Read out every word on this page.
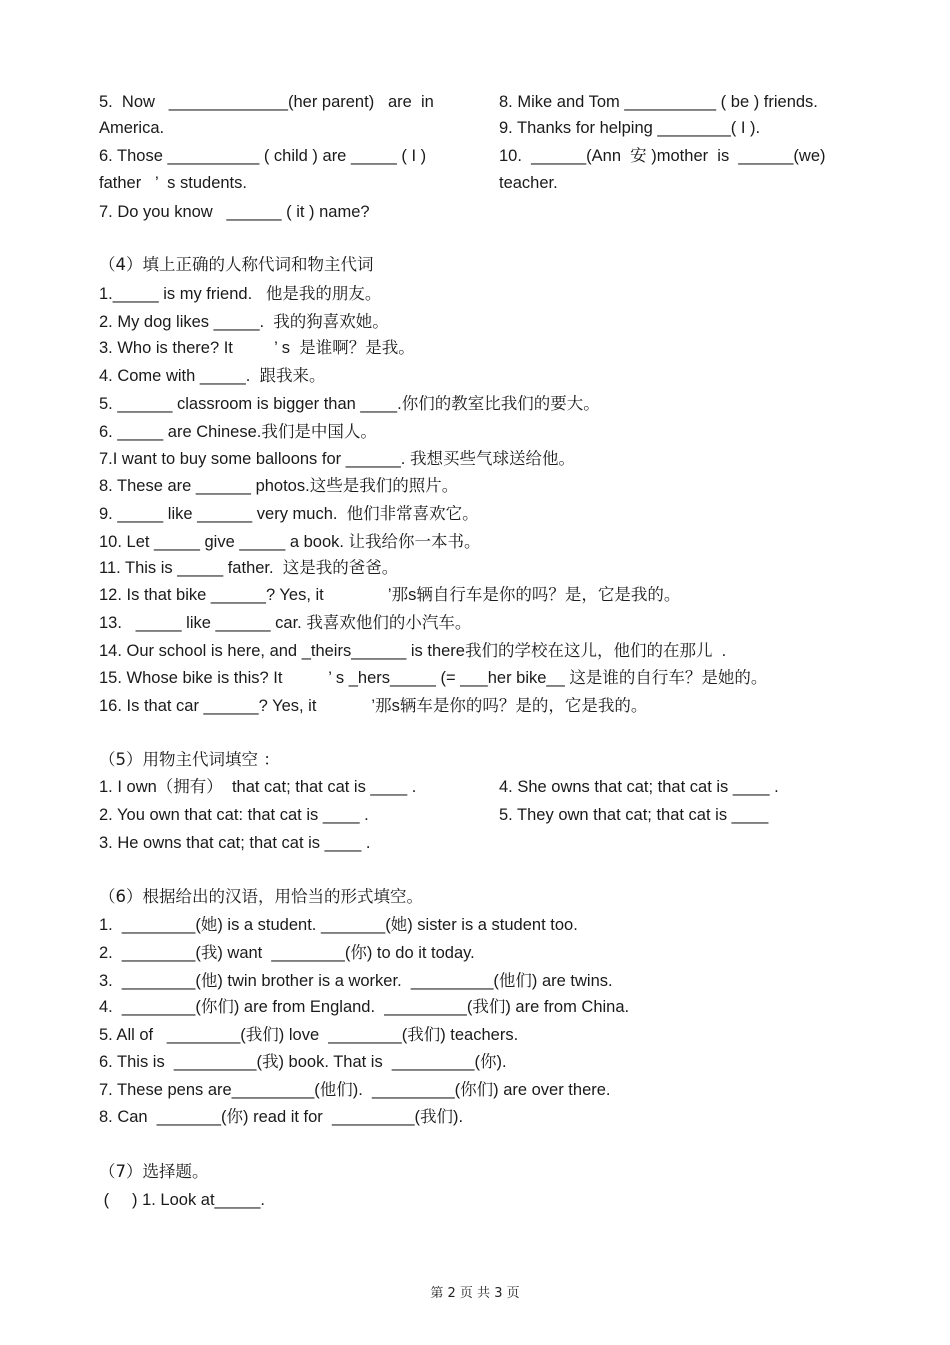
5.  Now   _____________(her parent)   are  in
America.
6. Those __________ ( child ) are _____ ( I )
father   ’  s students.
7. Do you know   ______ ( it ) name?
8. Mike and Tom __________ ( be ) friends.
9. Thanks for helping ________( I ).
10.  ______(Ann  安 )mother  is  ______(we)
teacher.
（4）填上正确的人称代词和物主代词
1._____ is my friend.   他是我的朋友。
2. My dog likes _____.  我的狗喜欢她。
3. Who is there? It         ’ s  是谁啊？是我。
4. Come with _____.  跟我来。
5. ______ classroom is bigger than ____.你们的教室比我们的要大。
6. _____ are Chinese.我们是中国人。
7.I want to buy some balloons for ______. 我想买些气球送给他。
8. These are ______ photos.这些是我们的照片。
9. _____ like ______ very much.  他们非常喜欢它。
10. Let _____ give _____ a book. 让我给你一本书。
11. This is _____ father.  这是我的爸爸。
12. Is that bike ______? Yes, it              ’那s辆自行车是你的吗？是，它是我的。
13.   _____ like ______ car. 我喜欢他们的小汽车。
14. Our school is here, and _theirs______ is there我们的学校在这儿，他们的在那儿  .
15. Whose bike is this? It          ’ s _hers_____ (= ___her bike__ 这是谁的自行车？是她的。
16. Is that car ______? Yes, it            ’那s辆车是你的吗？是的，它是我的。
（5）用物主代词填空 ：
1. I own（拥有）  that cat; that cat is ____ .
2. You own that cat: that cat is ____ .
3. He owns that cat; that cat is ____ .
4. She owns that cat; that cat is ____ .
5. They own that cat; that cat is ____
（6）根据给出的汉语，用恰当的形式填空。
1.  ________(她) is a student. _______(她) sister is a student too.
2.  ________(我) want  ________(你) to do it today.
3.  ________(他) twin brother is a worker.  _________(他们) are twins.
4.  ________(你们) are from England.  _________(我们) are from China.
5. All of   ________(我们) love  ________(我们) teachers.
6. This is  _________(我) book. That is  _________(你).
7. These pens are_________(他们).  _________(你们) are over there.
8. Can  _______(你) read it for  _________(我们).
（7）选择题。
(     ) 1. Look at_____.
第 2 页 共 3 页
